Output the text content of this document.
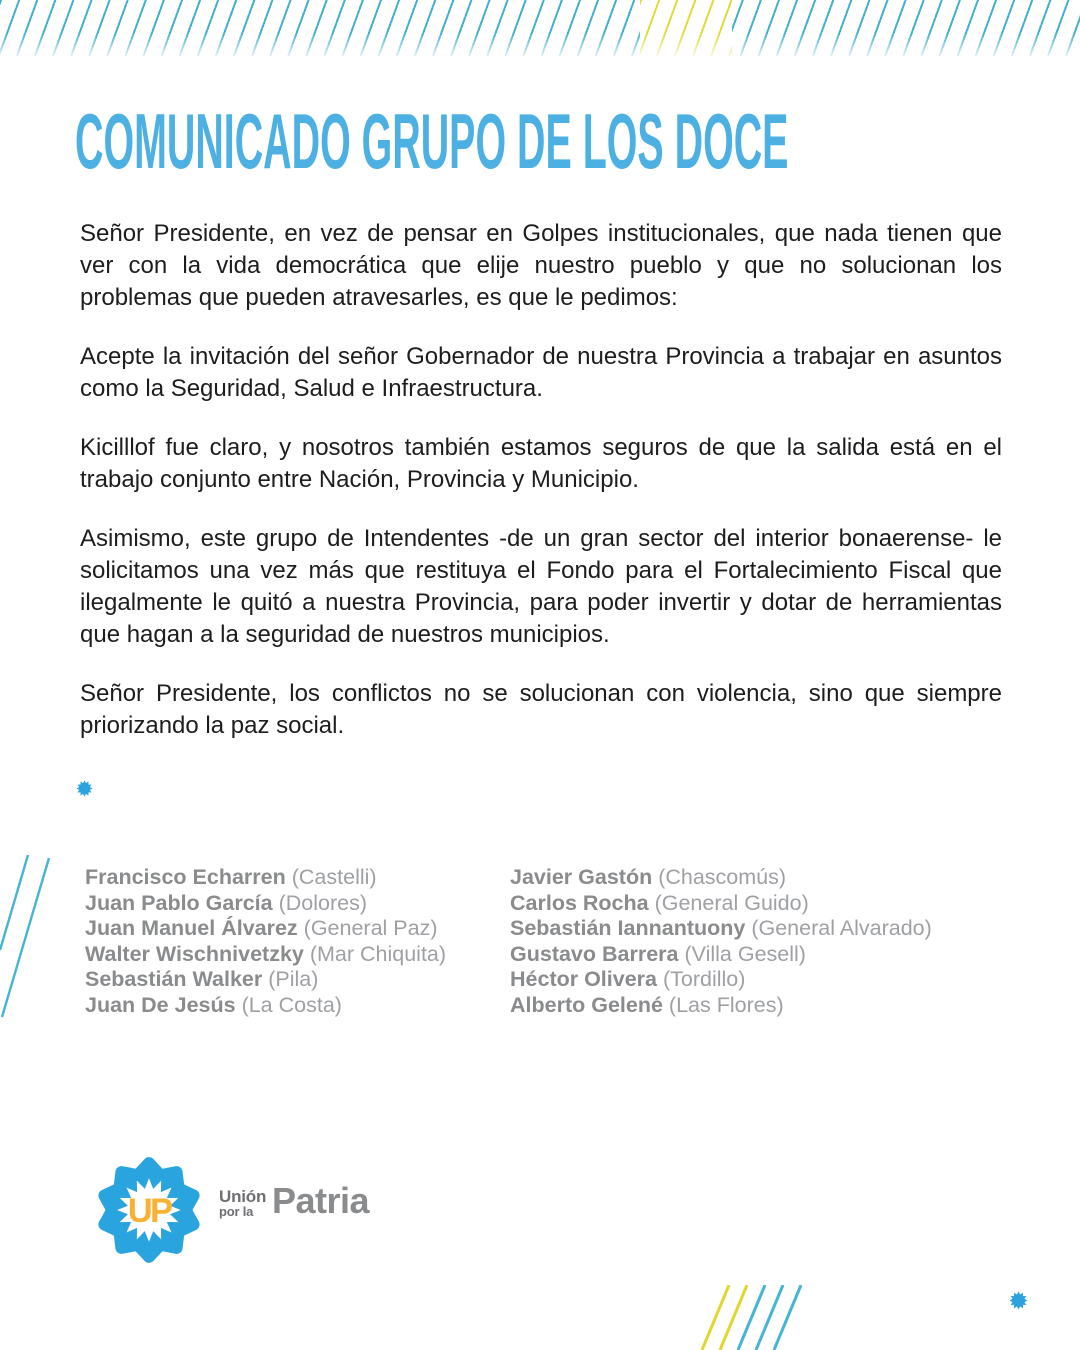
COMUNICADO GRUPO DE LOS DOCE

Señor Presidente, en vez de pensar en Golpes institucionales, que nada tienen que ver con la vida democrática que elije nuestro pueblo y que no solucionan los problemas que pueden atravesarles, es que le pedimos:

Acepte la invitación del señor Gobernador de nuestra Provincia a trabajar en asuntos como la Seguridad, Salud e Infraestructura.

Kicilllof fue claro, y nosotros también estamos seguros de que la salida está en el trabajo conjunto entre Nación, Provincia y Municipio.

Asimismo, este grupo de Intendentes -de un gran sector del interior bonaerense- le solicitamos una vez más que restituya el Fondo para el Fortalecimiento Fiscal que ilegalmente le quitó a nuestra Provincia, para poder invertir y dotar de herramientas que hagan a la seguridad de nuestros municipios.

Señor Presidente, los conflictos no se solucionan con violencia, sino que siempre priorizando la paz social.

Francisco Echarren (Castelli)
Juan Pablo García (Dolores)
Juan Manuel Álvarez (General Paz)
Walter Wischnivetzky (Mar Chiquita)
Sebastián Walker (Pila)
Juan De Jesús (La Costa)
Javier Gastón (Chascomús)
Carlos Rocha (General Guido)
Sebastián Iannantuony (General Alvarado)
Gustavo Barrera (Villa Gesell)
Héctor Olivera (Tordillo)
Alberto Gelené (Las Flores)
UP	Unión
por la Patria
